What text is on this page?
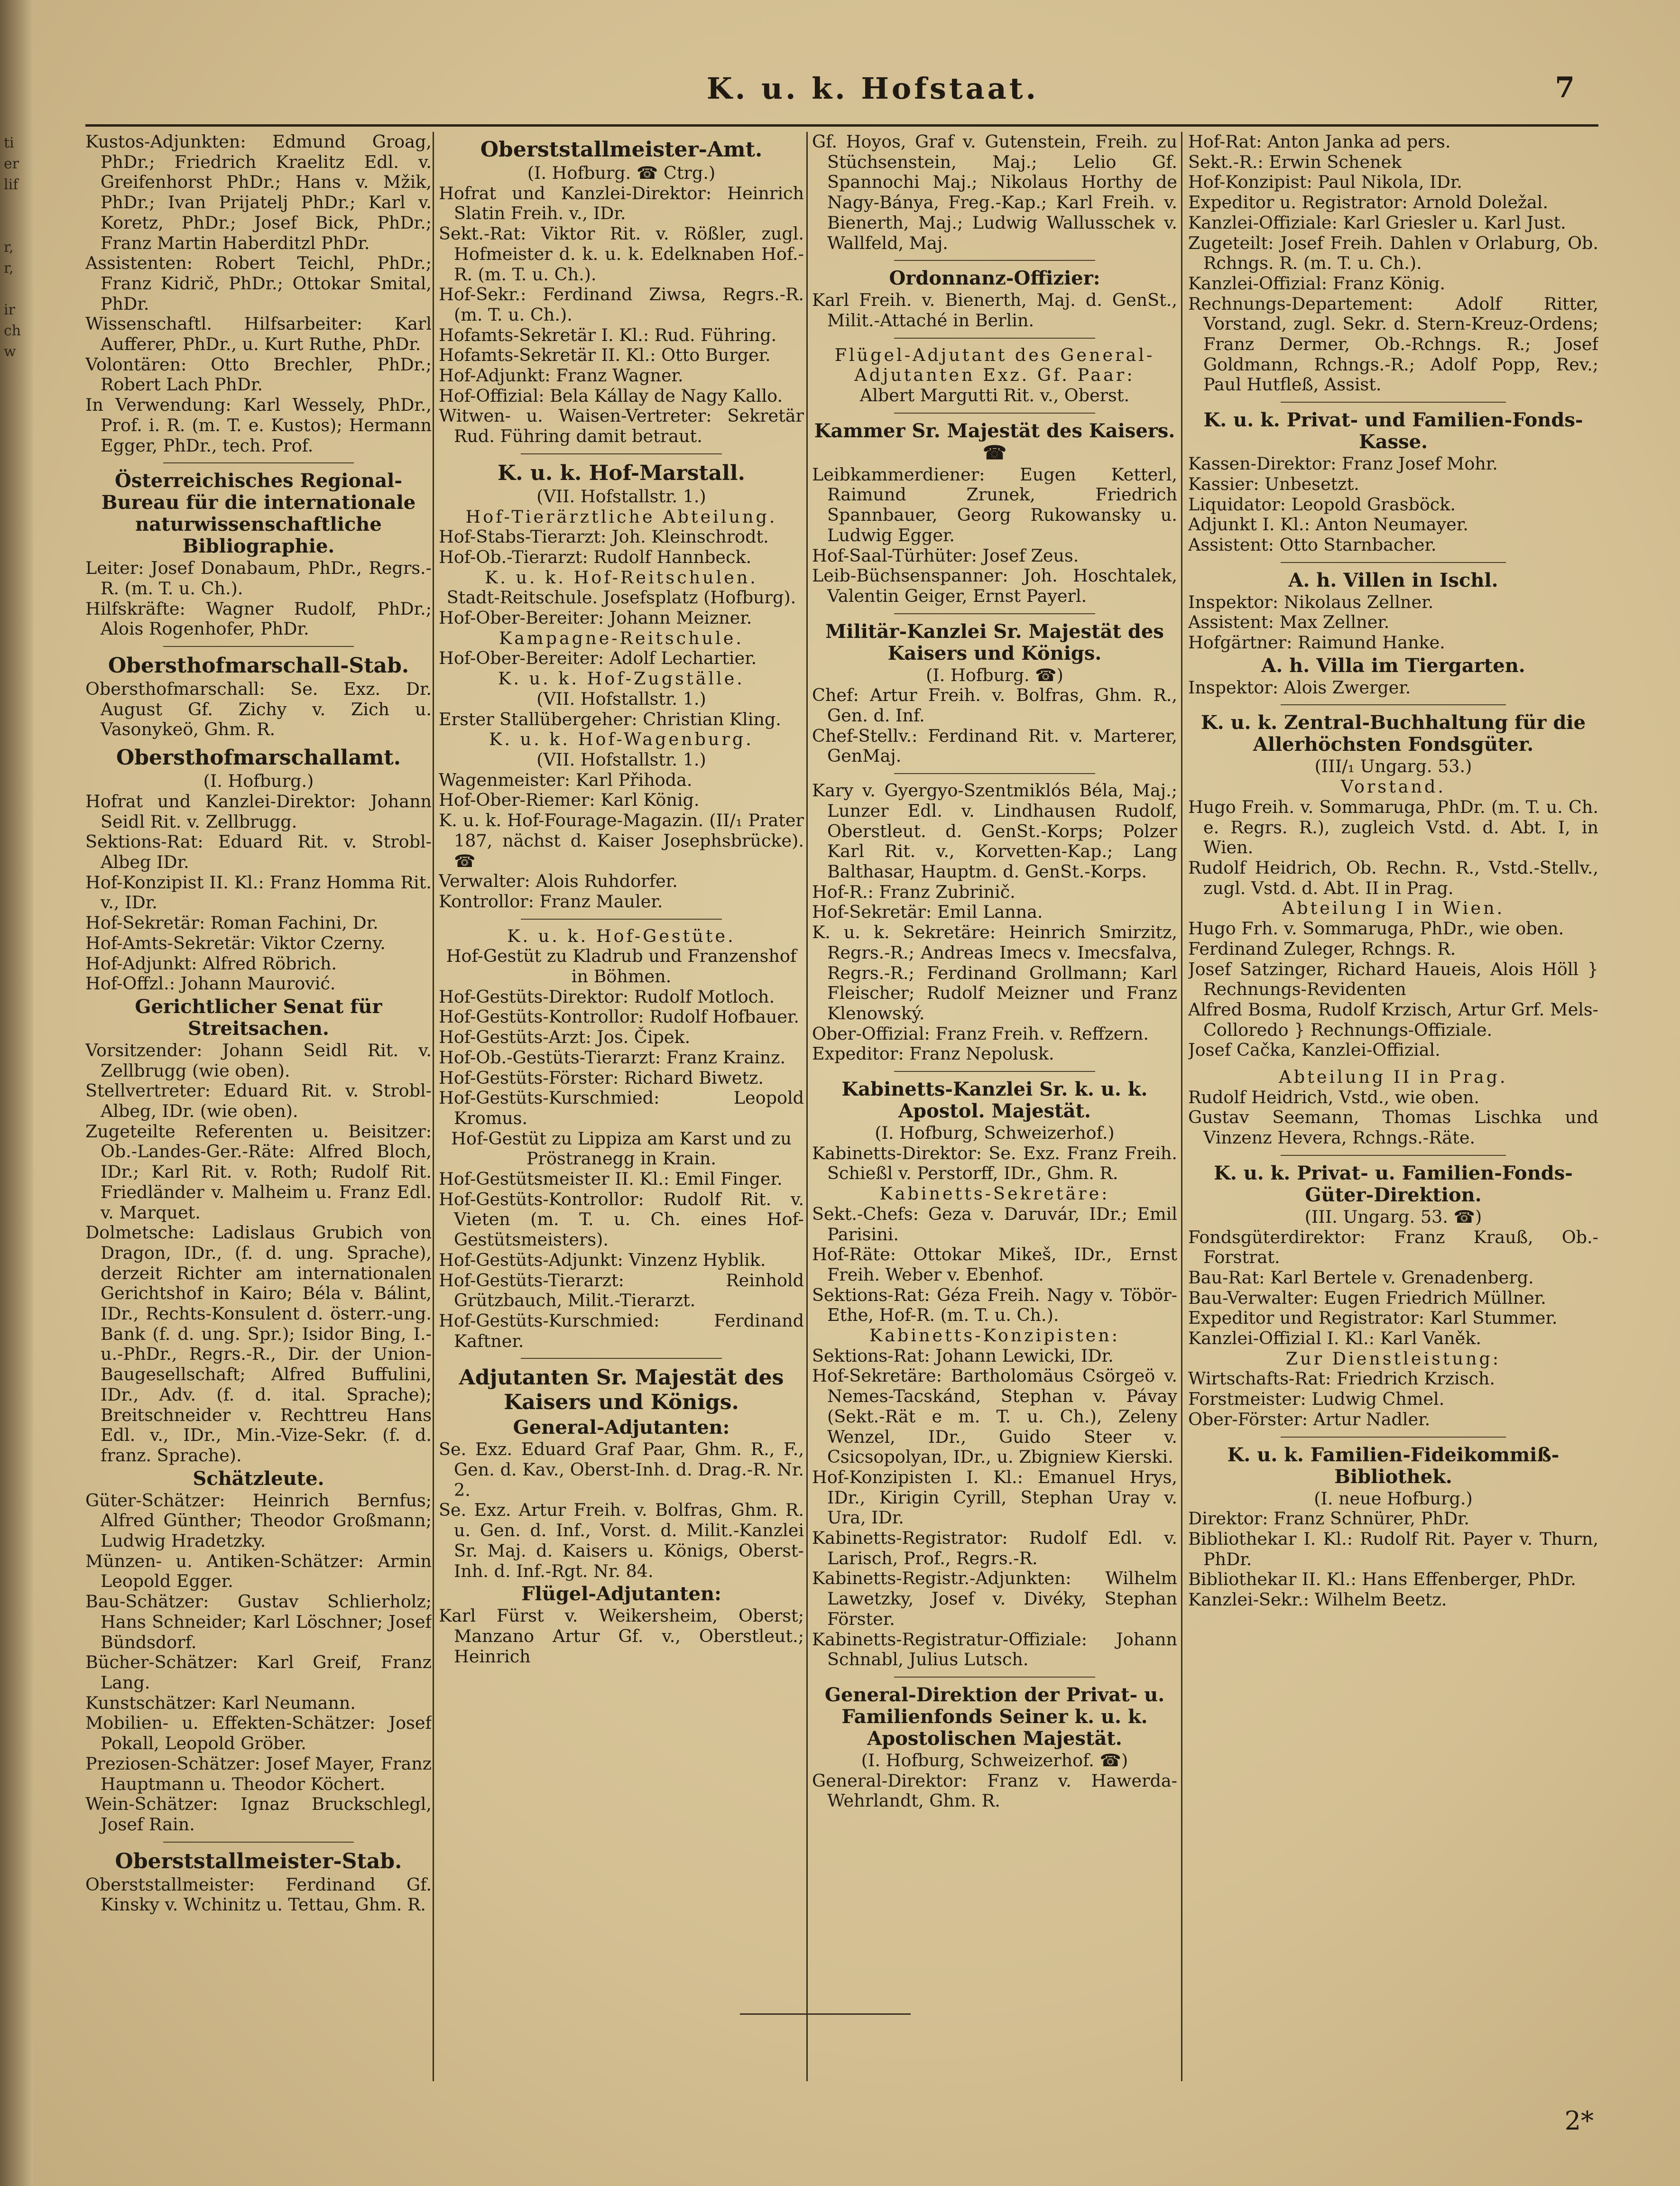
ti
er
lif

r,
r,

ir
ch
w

K. u. k. Hofstaat.	7

Kustos-Adjunkten: Edmund Groag, PhDr.; Friedrich Kraelitz Edl. v. Greifenhorst PhDr.; Hans v. Mžik, PhDr.; Ivan Prijatelj PhDr.; Karl v. Koretz, PhDr.; Josef Bick, PhDr.; Franz Martin Haberditzl PhDr.

Assistenten: Robert Teichl, PhDr.; Franz Kidrič, PhDr.; Ottokar Smital, PhDr.

Wissenschaftl. Hilfsarbeiter: Karl Aufferer, PhDr., u. Kurt Ruthe, PhDr.

Volontären: Otto Brechler, PhDr.; Robert Lach PhDr.

In Verwendung: Karl Wessely, PhDr., Prof. i. R. (m. T. e. Kustos); Hermann Egger, PhDr., tech. Prof.

Österreichisches Regional-Bureau für die internationale naturwissenschaftliche Bibliographie.

Leiter: Josef Donabaum, PhDr., Regrs.-R. (m. T. u. Ch.).

Hilfskräfte: Wagner Rudolf, PhDr.; Alois Rogenhofer, PhDr.

Obersthofmarschall-Stab.

Obersthofmarschall: Se. Exz. Dr. August Gf. Zichy v. Zich u. Vasonykeö, Ghm. R.

Obersthofmarschallamt.

(I. Hofburg.)

Hofrat und Kanzlei-Direktor: Johann Seidl Rit. v. Zellbrugg.

Sektions-Rat: Eduard Rit. v. Strobl-Albeg IDr.

Hof-Konzipist II. Kl.: Franz Homma Rit. v., IDr.

Hof-Sekretär: Roman Fachini, Dr.

Hof-Amts-Sekretär: Viktor Czerny.

Hof-Adjunkt: Alfred Röbrich.

Hof-Offzl.: Johann Maurović.

Gerichtlicher Senat für Streitsachen.

Vorsitzender: Johann Seidl Rit. v. Zellbrugg (wie oben).

Stellvertreter: Eduard Rit. v. Strobl-Albeg, IDr. (wie oben).

Zugeteilte Referenten u. Beisitzer: Ob.-Landes-Ger.-Räte: Alfred Bloch, IDr.; Karl Rit. v. Roth; Rudolf Rit. Friedländer v. Malheim u. Franz Edl. v. Marquet.

Dolmetsche: Ladislaus Grubich von Dragon, IDr., (f. d. ung. Sprache), derzeit Richter am internationalen Gerichtshof in Kairo; Béla v. Bálint, IDr., Rechts-Konsulent d. österr.-ung. Bank (f. d. ung. Spr.); Isidor Bing, I.-u.-PhDr., Regrs.-R., Dir. der Union-Baugesellschaft; Alfred Buffulini, IDr., Adv. (f. d. ital. Sprache); Breitschneider v. Rechttreu Hans Edl. v., IDr., Min.-Vize-Sekr. (f. d. franz. Sprache).

Schätzleute.

Güter-Schätzer: Heinrich Bernfus; Alfred Günther; Theodor Großmann; Ludwig Hradetzky.

Münzen- u. Antiken-Schätzer: Armin Leopold Egger.

Bau-Schätzer: Gustav Schlierholz; Hans Schneider; Karl Löschner; Josef Bündsdorf.

Bücher-Schätzer: Karl Greif, Franz Lang.

Kunstschätzer: Karl Neumann.

Mobilien- u. Effekten-Schätzer: Josef Pokall, Leopold Gröber.

Preziosen-Schätzer: Josef Mayer, Franz Hauptmann u. Theodor Köchert.

Wein-Schätzer: Ignaz Bruckschlegl, Josef Rain.

Oberststallmeister-Stab.

Oberststallmeister: Ferdinand Gf. Kinsky v. Wchinitz u. Tettau, Ghm. R.

Oberststallmeister-Amt.

(I. Hofburg. ☎ Ctrg.)

Hofrat und Kanzlei-Direktor: Heinrich Slatin Freih. v., IDr.

Sekt.-Rat: Viktor Rit. v. Rößler, zugl. Hofmeister d. k. u. k. Edelknaben Hof.-R. (m. T. u. Ch.).

Hof-Sekr.: Ferdinand Ziwsa, Regrs.-R. (m. T. u. Ch.).

Hofamts-Sekretär I. Kl.: Rud. Führing.

Hofamts-Sekretär II. Kl.: Otto Burger.

Hof-Adjunkt: Franz Wagner.

Hof-Offizial: Bela Kállay de Nagy Kallo.

Witwen- u. Waisen-Vertreter: Sekretär Rud. Führing damit betraut.

K. u. k. Hof-Marstall.

(VII. Hofstallstr. 1.)

Hof-Tierärztliche Abteilung.

Hof-Stabs-Tierarzt: Joh. Kleinschrodt.

Hof-Ob.-Tierarzt: Rudolf Hannbeck.

K. u. k. Hof-Reitschulen.

Stadt-Reitschule. Josefsplatz (Hofburg).

Hof-Ober-Bereiter: Johann Meizner.

Kampagne-Reitschule.

Hof-Ober-Bereiter: Adolf Lechartier.

K. u. k. Hof-Zugställe.

(VII. Hofstallstr. 1.)

Erster Stallübergeher: Christian Kling.

K. u. k. Hof-Wagenburg.

(VII. Hofstallstr. 1.)

Wagenmeister: Karl Přihoda.

Hof-Ober-Riemer: Karl König.

K. u. k. Hof-Fourage-Magazin. (II/₁ Prater 187, nächst d. Kaiser Josephsbrücke). ☎

Verwalter: Alois Ruhdorfer.

Kontrollor: Franz Mauler.

K. u. k. Hof-Gestüte.

Hof-Gestüt zu Kladrub und Franzenshof in Böhmen.

Hof-Gestüts-Direktor: Rudolf Motloch.

Hof-Gestüts-Kontrollor: Rudolf Hofbauer.

Hof-Gestüts-Arzt: Jos. Čipek.

Hof-Ob.-Gestüts-Tierarzt: Franz Krainz.

Hof-Gestüts-Förster: Richard Biwetz.

Hof-Gestüts-Kurschmied: Leopold Kromus.

Hof-Gestüt zu Lippiza am Karst und zu Pröstranegg in Krain.

Hof-Gestütsmeister II. Kl.: Emil Finger.

Hof-Gestüts-Kontrollor: Rudolf Rit. v. Vieten (m. T. u. Ch. eines Hof-Gestütsmeisters).

Hof-Gestüts-Adjunkt: Vinzenz Hyblik.

Hof-Gestüts-Tierarzt: Reinhold Grützbauch, Milit.-Tierarzt.

Hof-Gestüts-Kurschmied: Ferdinand Kaftner.

Adjutanten Sr. Majestät des Kaisers und Königs.

General-Adjutanten:

Se. Exz. Eduard Graf Paar, Ghm. R., F., Gen. d. Kav., Oberst-Inh. d. Drag.-R. Nr. 2.

Se. Exz. Artur Freih. v. Bolfras, Ghm. R. u. Gen. d. Inf., Vorst. d. Milit.-Kanzlei Sr. Maj. d. Kaisers u. Königs, Oberst-Inh. d. Inf.-Rgt. Nr. 84.

Flügel-Adjutanten:

Karl Fürst v. Weikersheim, Oberst; Manzano Artur Gf. v., Oberstleut.; Heinrich

Gf. Hoyos, Graf v. Gutenstein, Freih. zu Stüchsenstein, Maj.; Lelio Gf. Spannochi Maj.; Nikolaus Horthy de Nagy-Bánya, Freg.-Kap.; Karl Freih. v. Bienerth, Maj.; Ludwig Wallusschek v. Wallfeld, Maj.

Ordonnanz-Offizier:

Karl Freih. v. Bienerth, Maj. d. GenSt., Milit.-Attaché in Berlin.

Flügel-Adjutant des General-Adjutanten Exz. Gf. Paar:

Albert Margutti Rit. v., Oberst.

Kammer Sr. Majestät des Kaisers. ☎

Leibkammerdiener: Eugen Ketterl, Raimund Zrunek, Friedrich Spannbauer, Georg Rukowansky u. Ludwig Egger.

Hof-Saal-Türhüter: Josef Zeus.

Leib-Büchsenspanner: Joh. Hoschtalek, Valentin Geiger, Ernst Payerl.

Militär-Kanzlei Sr. Majestät des Kaisers und Königs.

(I. Hofburg. ☎)

Chef: Artur Freih. v. Bolfras, Ghm. R., Gen. d. Inf.

Chef-Stellv.: Ferdinand Rit. v. Marterer, GenMaj.

Kary v. Gyergyo-Szentmiklós Béla, Maj.; Lunzer Edl. v. Lindhausen Rudolf, Oberstleut. d. GenSt.-Korps; Polzer Karl Rit. v., Korvetten-Kap.; Lang Balthasar, Hauptm. d. GenSt.-Korps.

Hof-R.: Franz Zubrinič.

Hof-Sekretär: Emil Lanna.

K. u. k. Sekretäre: Heinrich Smirzitz, Regrs.-R.; Andreas Imecs v. Imecsfalva, Regrs.-R.; Ferdinand Grollmann; Karl Fleischer; Rudolf Meizner und Franz Klenowský.

Ober-Offizial: Franz Freih. v. Reffzern.

Expeditor: Franz Nepolusk.

Kabinetts-Kanzlei Sr. k. u. k. Apostol. Majestät.

(I. Hofburg, Schweizerhof.)

Kabinetts-Direktor: Se. Exz. Franz Freih. Schießl v. Perstorff, IDr., Ghm. R.

Kabinetts-Sekretäre:

Sekt.-Chefs: Geza v. Daruvár, IDr.; Emil Parisini.

Hof-Räte: Ottokar Mikeš, IDr., Ernst Freih. Weber v. Ebenhof.

Sektions-Rat: Géza Freih. Nagy v. Töbör-Ethe, Hof-R. (m. T. u. Ch.).

Kabinetts-Konzipisten:

Sektions-Rat: Johann Lewicki, IDr.

Hof-Sekretäre: Bartholomäus Csörgeö v. Nemes-Tacskánd, Stephan v. Pávay (Sekt.-Rät e m. T. u. Ch.), Zeleny Wenzel, IDr., Guido Steer v. Csicsopolyan, IDr., u. Zbigniew Kierski.

Hof-Konzipisten I. Kl.: Emanuel Hrys, IDr., Kirigin Cyrill, Stephan Uray v. Ura, IDr.

Kabinetts-Registrator: Rudolf Edl. v. Larisch, Prof., Regrs.-R.

Kabinetts-Registr.-Adjunkten: Wilhelm Lawetzky, Josef v. Divéky, Stephan Förster.

Kabinetts-Registratur-Offiziale: Johann Schnabl, Julius Lutsch.

General-Direktion der Privat- u. Familienfonds Seiner k. u. k. Apostolischen Majestät.

(I. Hofburg, Schweizerhof. ☎)

General-Direktor: Franz v. Hawerda-Wehrlandt, Ghm. R.

Hof-Rat: Anton Janka ad pers.

Sekt.-R.: Erwin Schenek

Hof-Konzipist: Paul Nikola, IDr.

Expeditor u. Registrator: Arnold Doležal.

Kanzlei-Offiziale: Karl Griesler u. Karl Just.

Zugeteilt: Josef Freih. Dahlen v Orlaburg, Ob. Rchngs. R. (m. T. u. Ch.).

Kanzlei-Offizial: Franz König.

Rechnungs-Departement: Adolf Ritter, Vorstand, zugl. Sekr. d. Stern-Kreuz-Ordens; Franz Dermer, Ob.-Rchngs. R.; Josef Goldmann, Rchngs.-R.; Adolf Popp, Rev.; Paul Hutfleß, Assist.

K. u. k. Privat- und Familien-Fonds-Kasse.

Kassen-Direktor: Franz Josef Mohr.

Kassier: Unbesetzt.

Liquidator: Leopold Grasböck.

Adjunkt I. Kl.: Anton Neumayer.

Assistent: Otto Starnbacher.

A. h. Villen in Ischl.

Inspektor: Nikolaus Zellner.

Assistent: Max Zellner.

Hofgärtner: Raimund Hanke.

A. h. Villa im Tiergarten.

Inspektor: Alois Zwerger.

K. u. k. Zentral-Buchhaltung für die Allerhöchsten Fondsgüter.

(III/₁ Ungarg. 53.)

Vorstand.

Hugo Freih. v. Sommaruga, PhDr. (m. T. u. Ch. e. Regrs. R.), zugleich Vstd. d. Abt. I, in Wien.

Rudolf Heidrich, Ob. Rechn. R., Vstd.-Stellv., zugl. Vstd. d. Abt. II in Prag.

Abteilung I in Wien.

Hugo Frh. v. Sommaruga, PhDr., wie oben.

Ferdinand Zuleger, Rchngs. R.

Josef Satzinger, Richard Haueis, Alois Höll } Rechnungs-Revidenten

Alfred Bosma, Rudolf Krzisch, Artur Grf. Mels-Colloredo } Rechnungs-Offiziale.

Josef Cačka, Kanzlei-Offizial.

Abteilung II in Prag.

Rudolf Heidrich, Vstd., wie oben.

Gustav Seemann, Thomas Lischka und Vinzenz Hevera, Rchngs.-Räte.

K. u. k. Privat- u. Familien-Fonds-Güter-Direktion.

(III. Ungarg. 53. ☎)

Fondsgüterdirektor: Franz Krauß, Ob.-Forstrat.

Bau-Rat: Karl Bertele v. Grenadenberg.

Bau-Verwalter: Eugen Friedrich Müllner.

Expeditor und Registrator: Karl Stummer.

Kanzlei-Offizial I. Kl.: Karl Vaněk.

Zur Dienstleistung:

Wirtschafts-Rat: Friedrich Krzisch.

Forstmeister: Ludwig Chmel.

Ober-Förster: Artur Nadler.

K. u. k. Familien-Fideikommiß-Bibliothek.

(I. neue Hofburg.)

Direktor: Franz Schnürer, PhDr.

Bibliothekar I. Kl.: Rudolf Rit. Payer v. Thurn, PhDr.

Bibliothekar II. Kl.: Hans Effenberger, PhDr.

Kanzlei-Sekr.: Wilhelm Beetz.

2*
